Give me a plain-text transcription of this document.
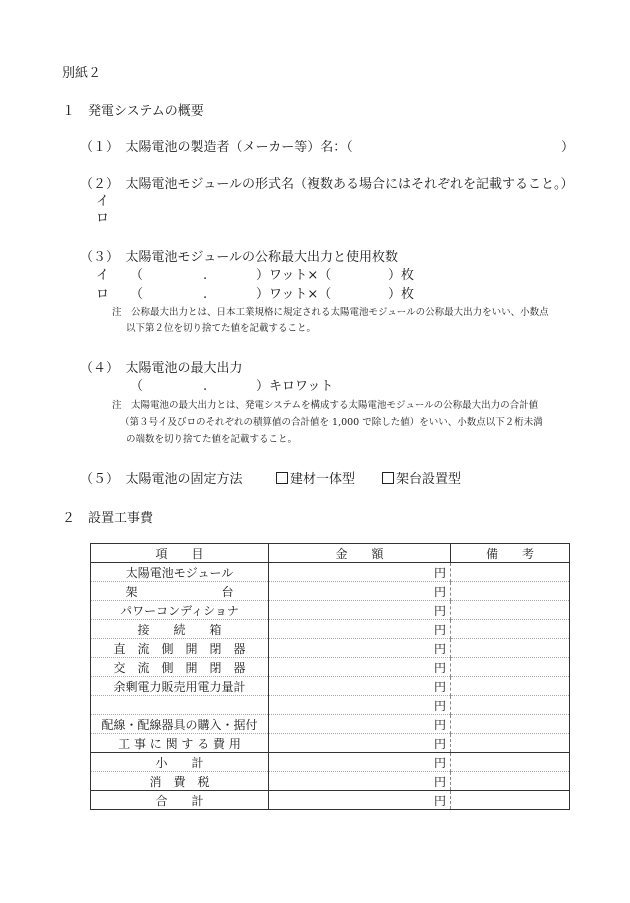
別紙２
１　発電システムの概要
（１）　太陽電池の製造者（メーカー等）名：（	）
（２）　太陽電池モジュールの形式名（複数ある場合にはそれぞれを記載すること。）
イ
ロ
（３）　太陽電池モジュールの公称最大出力と使用枚数
イ （	.	）ワット×（	）枚
ロ （	.	）ワット×（	）枚
注　公称最大出力とは、日本工業規格に規定される太陽電池モジュールの公称最大出力をいい、小数点
以下第２位を切り捨てた値を記載すること。
（４）　太陽電池の最大出力
（	.	）キロワット
注　太陽電池の最大出力とは、発電システムを構成する太陽電池モジュールの公称最大出力の合計値
（第３号イ及びロのそれぞれの積算値の合計値を 1,000 で除した値）をいい、小数点以下２桁未満
の端数を切り捨てた値を記載すること。
（５）　太陽電池の固定方法	建材一体型	架台設置型
２　設置工事費
項　　目	金　　額	備　　考
太陽電池モジュール	円	
架　　　　　　　台	円	
パワーコンディショナ	円	
接　　続　　箱	円	
直　流　側　開　閉　器	円	
交　流　側　開　閉　器	円	
余剰電力販売用電力量計	円	
	円	
配線・配線器具の購入・据付	円	
工 事 に 関 す る 費 用	円	
小　　計	円	
消　費　税	円	
合　　計	円	
